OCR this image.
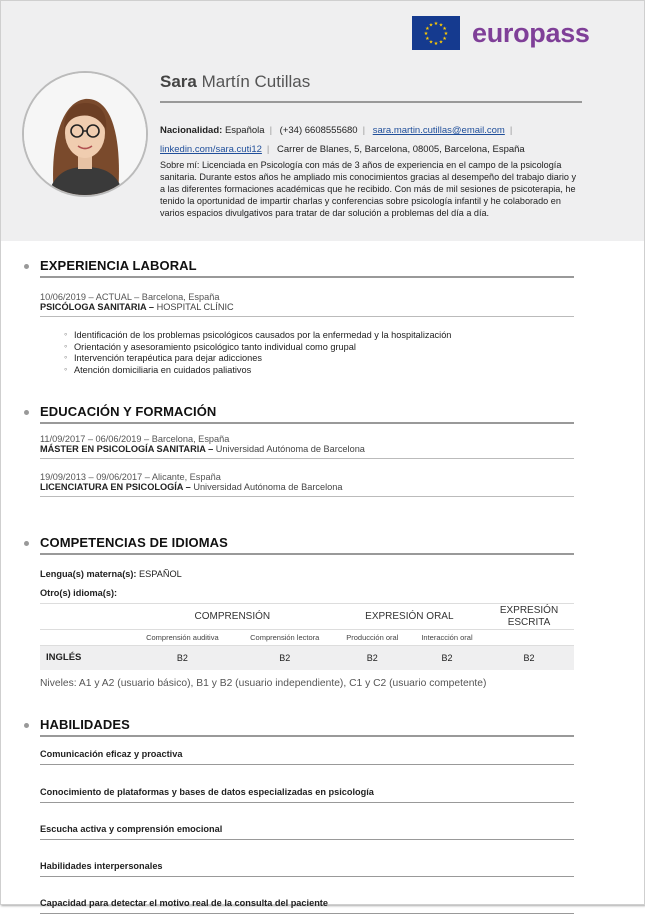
★ ★
★
★
★
★
★
★
★
★
★
★ europass
Sara Martín Cutillas
Nacionalidad: Española | (+34) 6608555680 | sara.martin.cutillas@email.com |
linkedin.com/sara.cuti12 | Carrer de Blanes, 5, Barcelona, 08005, Barcelona, España
Sobre mí: Licenciada en Psicología con más de 3 años de experiencia en el campo de la psicología sanitaria. Durante estos años he ampliado mis conocimientos gracias al desempeño del trabajo diario y a las diferentes formaciones académicas que he recibido. Con más de mil sesiones de psicoterapia, he tenido la oportunidad de impartir charlas y conferencias sobre psicología infantil y he colaborado en varios espacios divulgativos para tratar de dar solución a problemas del día a día.
EXPERIENCIA LABORAL
10/06/2019 – ACTUAL – Barcelona, España
PSICÓLOGA SANITARIA – HOSPITAL CLÍNIC
◦ Identificación de los problemas psicológicos causados por la enfermedad y la hospitalización
◦ Orientación y asesoramiento psicológico tanto individual como grupal
◦ Intervención terapéutica para dejar adicciones
◦ Atención domiciliaria en cuidados paliativos
EDUCACIÓN Y FORMACIÓN
11/09/2017 – 06/06/2019 – Barcelona, España
MÁSTER EN PSICOLOGÍA SANITARIA – Universidad Autónoma de Barcelona
19/09/2013 – 09/06/2017 – Alicante, España
LICENCIATURA EN PSICOLOGÍA – Universidad Autónoma de Barcelona
COMPETENCIAS DE IDIOMAS
Lengua(s) materna(s): ESPAÑOL
Otro(s) idioma(s):
	COMPRENSIÓN		EXPRESIÓN ORAL		EXPRESIÓN ESCRITA
	Comprensión auditiva	Comprensión lectora	Producción oral	Interacción oral	
INGLÉS	B2	B2	B2	B2	B2
Niveles: A1 y A2 (usuario básico), B1 y B2 (usuario independiente), C1 y C2 (usuario competente)
HABILIDADES
Comunicación eficaz y proactiva
Conocimiento de plataformas y bases de datos especializadas en psicología
Escucha activa y comprensión emocional
Habilidades interpersonales
Capacidad para detectar el motivo real de la consulta del paciente
